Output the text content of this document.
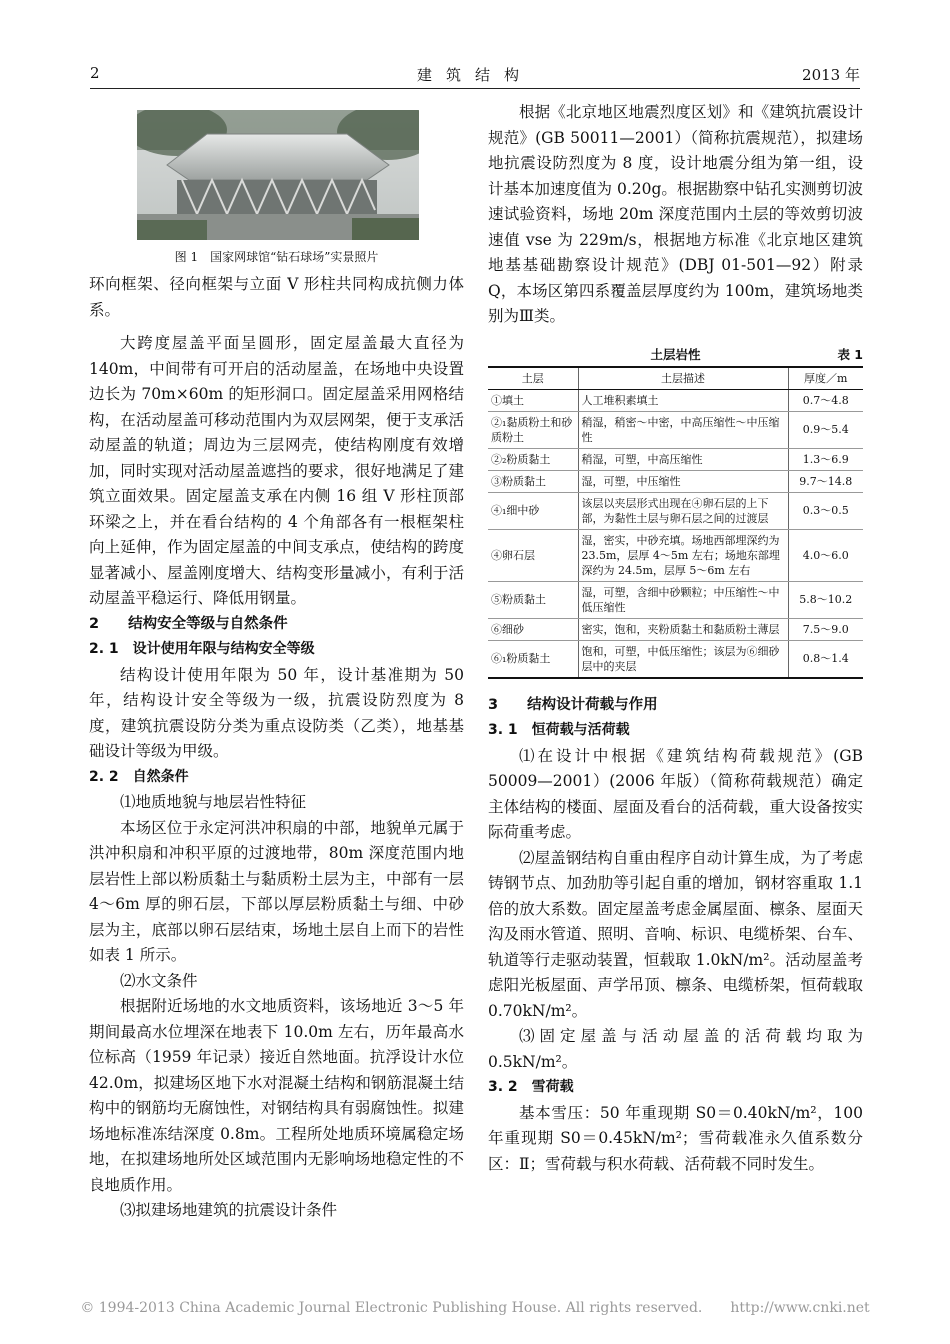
2	建筑结构	2013 年
图 1　国家网球馆“钻石球场”实景照片

环向框架、径向框架与立面 V 形柱共同构成抗侧力体系。

大跨度屋盖平面呈圆形，固定屋盖最大直径为 140m，中间带有可开启的活动屋盖，在场地中央设置边长为 70m×60m 的矩形洞口。固定屋盖采用网格结构，在活动屋盖可移动范围内为双层网架，便于支承活动屋盖的轨道；周边为三层网壳，使结构刚度有效增加，同时实现对活动屋盖遮挡的要求，很好地满足了建筑立面效果。固定屋盖支承在内侧 16 组 V 形柱顶部环梁之上，并在看台结构的 4 个角部各有一根框架柱向上延伸，作为固定屋盖的中间支承点，使结构的跨度显著减小、屋盖刚度增大、结构变形量减小，有利于活动屋盖平稳运行、降低用钢量。

2　　结构安全等级与自然条件

2. 1　设计使用年限与结构安全等级

结构设计使用年限为 50 年，设计基准期为 50 年，结构设计安全等级为一级，抗震设防烈度为 8 度，建筑抗震设防分类为重点设防类（乙类），地基基础设计等级为甲级。

2. 2　自然条件

⑴地质地貌与地层岩性特征

本场区位于永定河洪冲积扇的中部，地貌单元属于洪冲积扇和冲积平原的过渡地带，80m 深度范围内地层岩性上部以粉质黏土与黏质粉土层为主，中部有一层 4～6m 厚的卵石层，下部以厚层粉质黏土与细、中砂层为主，底部以卵石层结束，场地土层自上而下的岩性如表 1 所示。

⑵水文条件

根据附近场地的水文地质资料，该场地近 3～5 年期间最高水位埋深在地表下 10.0m 左右，历年最高水位标高（1959 年记录）接近自然地面。抗浮设计水位 42.0m，拟建场区地下水对混凝土结构和钢筋混凝土结构中的钢筋均无腐蚀性，对钢结构具有弱腐蚀性。拟建场地标准冻结深度 0.8m。工程所处地质环境属稳定场地，在拟建场地所处区域范围内无影响场地稳定性的不良地质作用。

⑶拟建场地建筑的抗震设计条件

根据《北京地区地震烈度区划》和《建筑抗震设计规范》(GB 50011—2001）（简称抗震规范），拟建场地抗震设防烈度为 8 度，设计地震分组为第一组，设计基本加速度值为 0.20g。根据勘察中钻孔实测剪切波速试验资料，场地 20m 深度范围内土层的等效剪切波速值 vse 为 229m/s，根据地方标准《北京地区建筑地基基础勘察设计规范》(DBJ 01-501—92）附录 Q，本场区第四系覆盖层厚度约为 100m，建筑场地类别为Ⅲ类。

土层岩性	表 1
土层	土层描述	厚度／m
①填土	人工堆积素填土	0.7～4.8
②₁黏质粉土和砂质粉土	稍湿，稍密～中密，中高压缩性～中压缩性	0.9～5.4
②₂粉质黏土	稍湿，可塑，中高压缩性	1.3～6.9
③粉质黏土	湿，可塑，中压缩性	9.7～14.8
④₁细中砂	该层以夹层形式出现在④卵石层的上下部，为黏性土层与卵石层之间的过渡层	0.3～0.5
④卵石层	湿，密实，中砂充填。场地西部埋深约为 23.5m，层厚 4～5m 左右；场地东部埋深约为 24.5m，层厚 5～6m 左右	4.0～6.0
⑤粉质黏土	湿，可塑，含细中砂颗粒；中压缩性～中低压缩性	5.8～10.2
⑥细砂	密实，饱和，夹粉质黏土和黏质粉土薄层	7.5～9.0
⑥₁粉质黏土	饱和，可塑，中低压缩性；该层为⑥细砂层中的夹层	0.8～1.4

3　　结构设计荷载与作用

3. 1　恒荷载与活荷载

⑴在设计中根据《建筑结构荷载规范》(GB 50009—2001）(2006 年版）（简称荷载规范）确定主体结构的楼面、屋面及看台的活荷载，重大设备按实际荷重考虑。

⑵屋盖钢结构自重由程序自动计算生成，为了考虑铸钢节点、加劲肋等引起自重的增加，钢材容重取 1.1 倍的放大系数。固定屋盖考虑金属屋面、檩条、屋面天沟及雨水管道、照明、音响、标识、电缆桥架、台车、轨道等行走驱动装置，恒载取 1.0kN/m²。活动屋盖考虑阳光板屋面、声学吊顶、檩条、电缆桥架，恒荷载取 0.70kN/m²。

⑶固定屋盖与活动屋盖的活荷载均取为 0.5kN/m²。

3. 2　雪荷载

基本雪压：50 年重现期 S0＝0.40kN/m²，100 年重现期 S0＝0.45kN/m²；雪荷载准永久值系数分区：Ⅱ；雪荷载与积水荷载、活荷载不同时发生。

© 1994-2013 China Academic Journal Electronic Publishing House. All rights reserved.　　http://www.cnki.net
